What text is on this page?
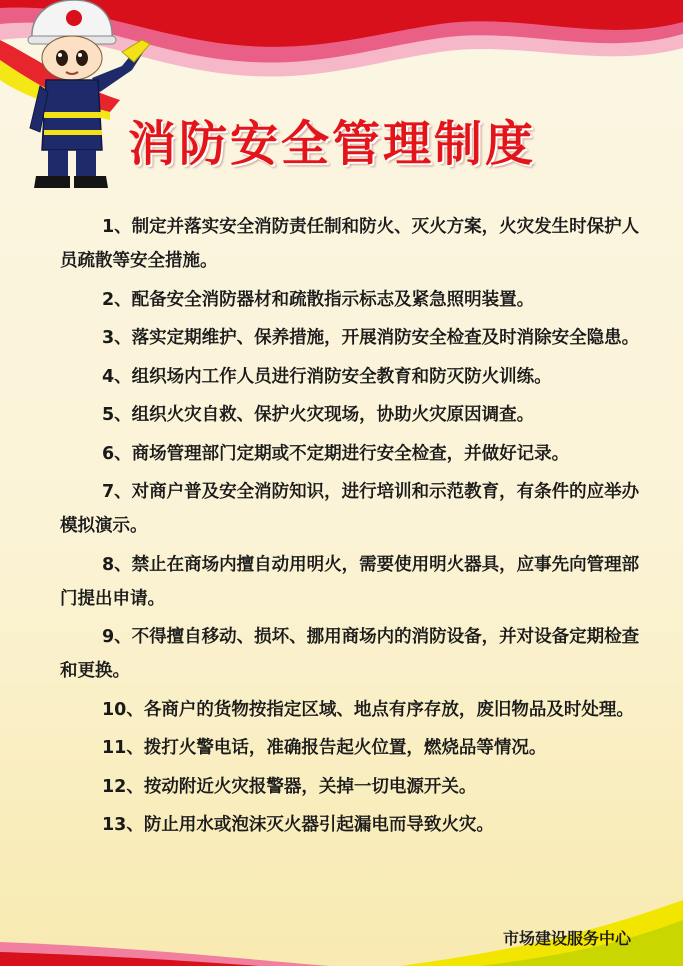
消防安全管理制度
1、制定并落实安全消防责任制和防火、灭火方案，火灾发生时保护人员疏散等安全措施。
2、配备安全消防器材和疏散指示标志及紧急照明装置。
3、落实定期维护、保养措施，开展消防安全检查及时消除安全隐患。
4、组织场内工作人员进行消防安全教育和防灭防火训练。
5、组织火灾自救、保护火灾现场，协助火灾原因调查。
6、商场管理部门定期或不定期进行安全检查，并做好记录。
7、对商户普及安全消防知识，进行培训和示范教育，有条件的应举办模拟演示。
8、禁止在商场内擅自动用明火，需要使用明火器具，应事先向管理部门提出申请。
9、不得擅自移动、损坏、挪用商场内的消防设备，并对设备定期检查和更换。
10、各商户的货物按指定区域、地点有序存放，废旧物品及时处理。
11、拨打火警电话，准确报告起火位置，燃烧品等情况。
12、按动附近火灾报警器，关掉一切电源开关。
13、防止用水或泡沫灭火器引起漏电而导致火灾。
市场建设服务中心
